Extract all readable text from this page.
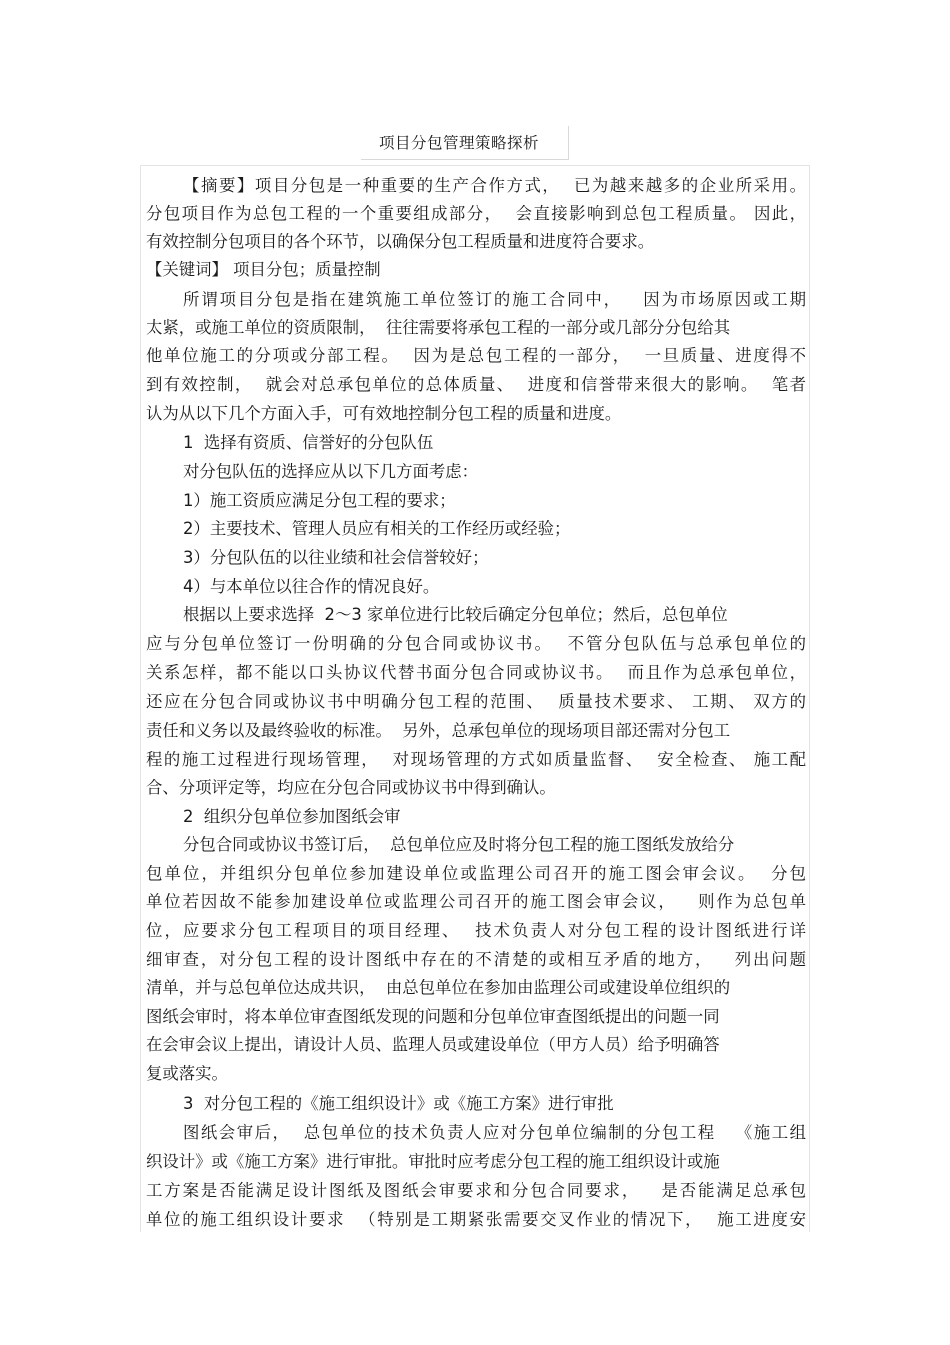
项目分包管理策略探析
【摘要】项目分包是一种重要的生产合作方式，  已为越来越多的企业所采用。
分包项目作为总包工程的一个重要组成部分，  会直接影响到总包工程质量。 因此，
有效控制分包项目的各个环节，以确保分包工程质量和进度符合要求。
【关键词】 项目分包；质量控制
所谓项目分包是指在建筑施工单位签订的施工合同中，   因为市场原因或工期
太紧，或施工单位的资质限制，  往往需要将承包工程的一部分或几部分分包给其
他单位施工的分项或分部工程。  因为是总包工程的一部分，  一旦质量、进度得不
到有效控制，  就会对总承包单位的总体质量、  进度和信誉带来很大的影响。  笔者
认为从以下几个方面入手，可有效地控制分包工程的质量和进度。
1  选择有资质、信誉好的分包队伍
对分包队伍的选择应从以下几方面考虑：
1）施工资质应满足分包工程的要求；
2）主要技术、管理人员应有相关的工作经历或经验；
3）分包队伍的以往业绩和社会信誉较好；
4）与本单位以往合作的情况良好。
根据以上要求选择  2～3 家单位进行比较后确定分包单位；然后，总包单位
应与分包单位签订一份明确的分包合同或协议书。  不管分包队伍与总承包单位的
关系怎样，都不能以口头协议代替书面分包合同或协议书。  而且作为总承包单位，
还应在分包合同或协议书中明确分包工程的范围、  质量技术要求、 工期、 双方的
责任和义务以及最终验收的标准。  另外，总承包单位的现场项目部还需对分包工
程的施工过程进行现场管理，  对现场管理的方式如质量监督、  安全检查、 施工配
合、分项评定等，均应在分包合同或协议书中得到确认。
2  组织分包单位参加图纸会审
分包合同或协议书签订后，  总包单位应及时将分包工程的施工图纸发放给分
包单位，并组织分包单位参加建设单位或监理公司召开的施工图会审会议。  分包
单位若因故不能参加建设单位或监理公司召开的施工图会审会议，   则作为总包单
位，应要求分包工程项目的项目经理、  技术负责人对分包工程的设计图纸进行详
细审查，对分包工程的设计图纸中存在的不清楚的或相互矛盾的地方，   列出问题
清单，并与总包单位达成共识，  由总包单位在参加由监理公司或建设单位组织的
图纸会审时，将本单位审查图纸发现的问题和分包单位审查图纸提出的问题一同
在会审会议上提出，请设计人员、监理人员或建设单位（甲方人员）给予明确答
复或落实。
3  对分包工程的《施工组织设计》或《施工方案》进行审批
图纸会审后，  总包单位的技术负责人应对分包单位编制的分包工程   《施工组
织设计》或《施工方案》进行审批。审批时应考虑分包工程的施工组织设计或施
工方案是否能满足设计图纸及图纸会审要求和分包合同要求，   是否能满足总承包
单位的施工组织设计要求  （特别是工期紧张需要交叉作业的情况下，  施工进度安
